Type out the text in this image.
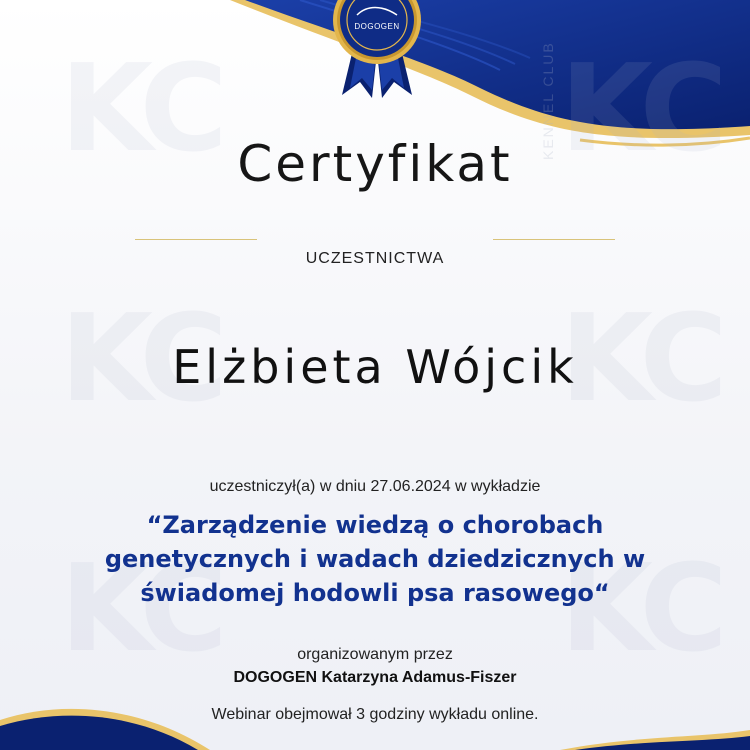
KC	KC
KC	KC
KC	KC
KENNEL CLUB
DOGOGEN
Certyfikat
UCZESTNICTWA
Elżbieta Wójcik
uczestniczył(a) w dniu 27.06.2024 w wykładzie
“Zarządzenie wiedzą o chorobach genetycznych i wadach dziedzicznych w świadomej hodowli psa rasowego“
organizowanym przez
DOGOGEN Katarzyna Adamus-Fiszer
Webinar obejmował 3 godziny wykładu online.
